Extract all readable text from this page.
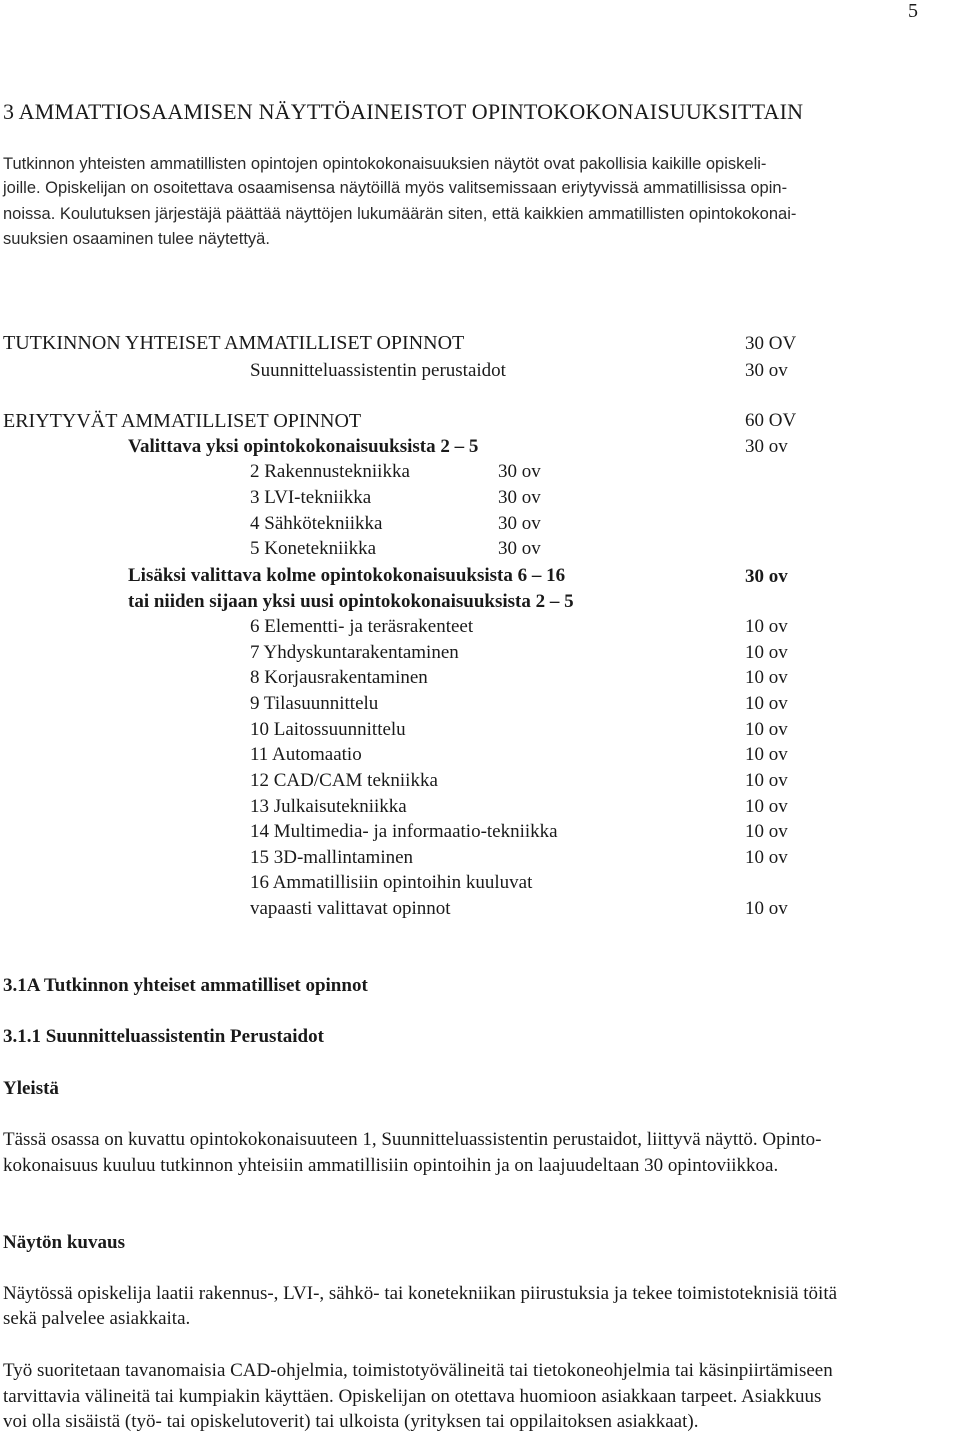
5
3 AMMATTIOSAAMISEN NÄYTTÖAINEISTOT OPINTOKOKONAISUUKSITTAIN
Tutkinnon yhteisten ammatillisten opintojen opintokokonaisuuksien näytöt ovat pakollisia kaikille opiskeli-
joille. Opiskelijan on osoitettava osaamisensa näytöillä myös valitsemissaan eriytyvissä ammatillisissa opin-
noissa. Koulutuksen järjestäjä päättää näyttöjen lukumäärän siten, että kaikkien ammatillisten opintokokonai-
suuksien osaaminen tulee näytettyä.
TUTKINNON YHTEISET AMMATILLISET OPINNOT	30 OV
Suunnitteluassistentin perustaidot	30 ov
ERIYTYVÄT AMMATILLISET OPINNOT	60 OV
Valittava yksi opintokokonaisuuksista 2 – 5	30 ov
2 Rakennustekniikka	30 ov
3 LVI-tekniikka	30 ov
4 Sähkötekniikka	30 ov
5 Konetekniikka	30 ov
Lisäksi valittava kolme opintokokonaisuuksista 6 – 16	30 ov
tai niiden sijaan yksi uusi opintokokonaisuuksista 2 – 5
6 Elementti- ja teräsrakenteet	10 ov
7 Yhdyskuntarakentaminen	10 ov
8 Korjausrakentaminen	10 ov
9 Tilasuunnittelu	10 ov
10 Laitossuunnittelu	10 ov
11 Automaatio	10 ov
12 CAD/CAM tekniikka	10 ov
13 Julkaisutekniikka	10 ov
14 Multimedia- ja informaatio-tekniikka	10 ov
15 3D-mallintaminen	10 ov
16 Ammatillisiin opintoihin kuuluvat
vapaasti valittavat opinnot	10 ov
3.1A Tutkinnon yhteiset ammatilliset opinnot
3.1.1 Suunnitteluassistentin Perustaidot
Yleistä
Tässä osassa on kuvattu opintokokonaisuuteen 1, Suunnitteluassistentin perustaidot, liittyvä näyttö. Opinto-
kokonaisuus kuuluu tutkinnon yhteisiin ammatillisiin opintoihin ja on laajuudeltaan 30 opintoviikkoa.
Näytön kuvaus
Näytössä opiskelija laatii rakennus-, LVI-, sähkö- tai konetekniikan piirustuksia ja tekee toimistoteknisiä töitä
sekä palvelee asiakkaita.
Työ suoritetaan tavanomaisia CAD-ohjelmia, toimistotyövälineitä tai tietokoneohjelmia tai käsinpiirtämiseen
tarvittavia välineitä tai kumpiakin käyttäen. Opiskelijan on otettava huomioon asiakkaan tarpeet. Asiakkuus
voi olla sisäistä (työ- tai opiskelutoverit) tai ulkoista (yrityksen tai oppilaitoksen asiakkaat).
